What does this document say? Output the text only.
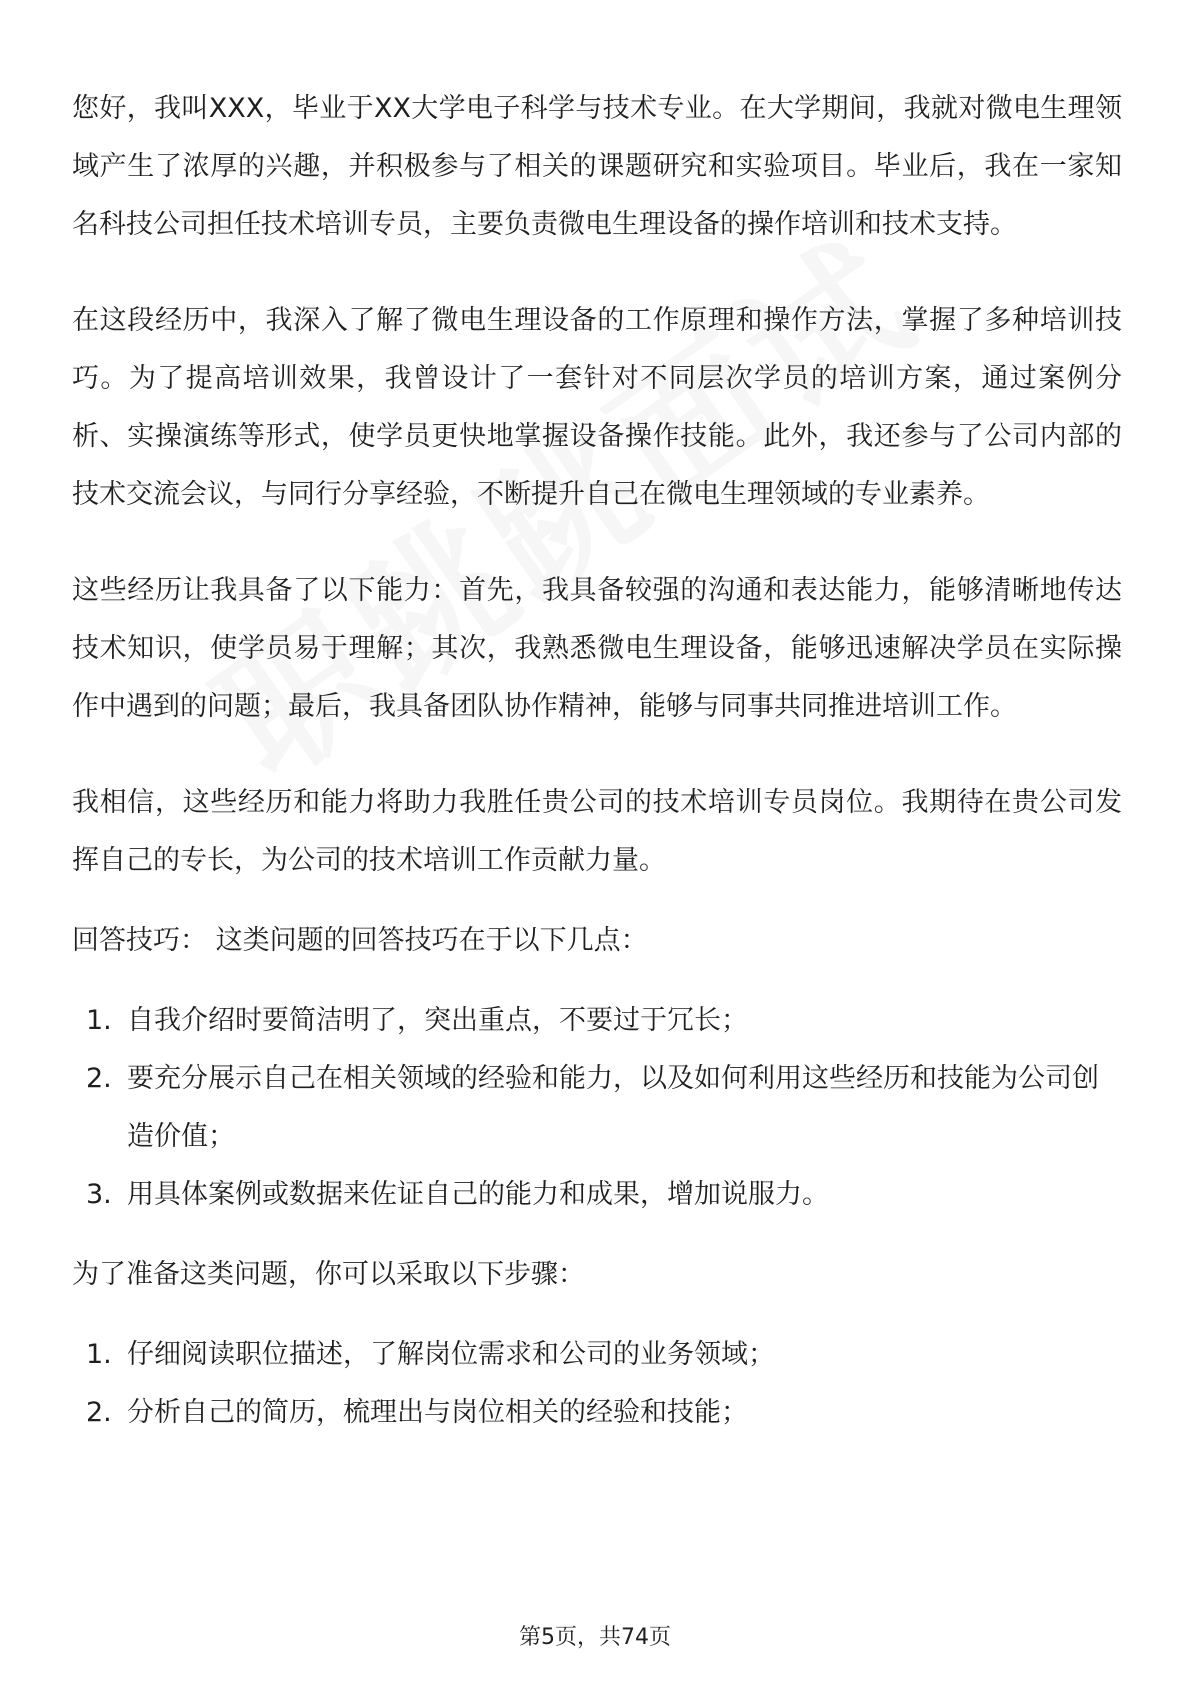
您好，我叫XXX，毕业于XX大学电子科学与技术专业。在大学期间，我就对微电生理领域产生了浓厚的兴趣，并积极参与了相关的课题研究和实验项目。毕业后，我在一家知名科技公司担任技术培训专员，主要负责微电生理设备的操作培训和技术支持。

在这段经历中，我深入了解了微电生理设备的工作原理和操作方法，掌握了多种培训技巧。为了提高培训效果，我曾设计了一套针对不同层次学员的培训方案，通过案例分析、实操演练等形式，使学员更快地掌握设备操作技能。此外，我还参与了公司内部的技术交流会议，与同行分享经验，不断提升自己在微电生理领域的专业素养。

这些经历让我具备了以下能力：首先，我具备较强的沟通和表达能力，能够清晰地传达技术知识，使学员易于理解；其次，我熟悉微电生理设备，能够迅速解决学员在实际操作中遇到的问题；最后，我具备团队协作精神，能够与同事共同推进培训工作。

我相信，这些经历和能力将助力我胜任贵公司的技术培训专员岗位。我期待在贵公司发挥自己的专长，为公司的技术培训工作贡献力量。

回答技巧： 这类问题的回答技巧在于以下几点：

1. 自我介绍时要简洁明了，突出重点，不要过于冗长；
2. 要充分展示自己在相关领域的经验和能力，以及如何利用这些经历和技能为公司创造价值；
3. 用具体案例或数据来佐证自己的能力和成果，增加说服力。

为了准备这类问题，你可以采取以下步骤：

1. 仔细阅读职位描述，了解岗位需求和公司的业务领域；
2. 分析自己的简历，梳理出与岗位相关的经验和技能；
第5页，共74页
